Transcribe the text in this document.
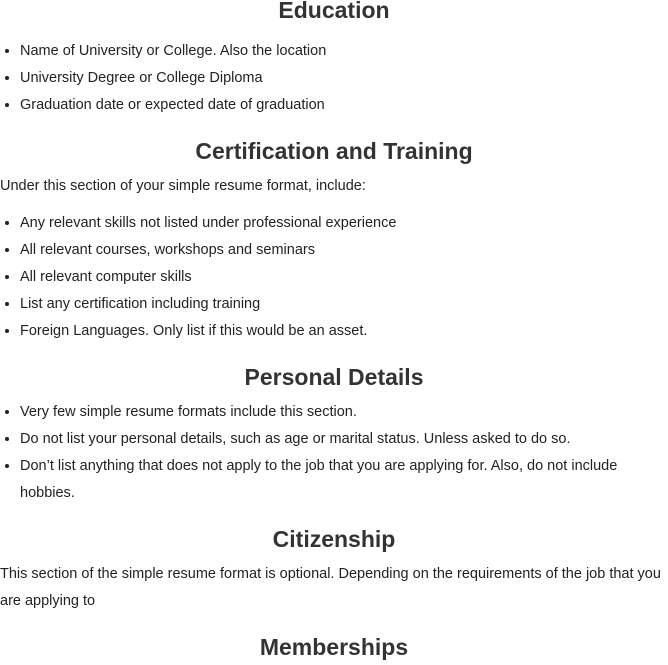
Education
• Name of University or College. Also the location
• University Degree or College Diploma
• Graduation date or expected date of graduation
Certification and Training

Under this section of your simple resume format, include:

• Any relevant skills not listed under professional experience
• All relevant courses, workshops and seminars
• All relevant computer skills
• List any certification including training
• Foreign Languages. Only list if this would be an asset.
Personal Details
• Very few simple resume formats include this section.
• Do not list your personal details, such as age or marital status. Unless asked to do so.
• Don’t list anything that does not apply to the job that you are applying for. Also, do not include hobbies.
Citizenship

This section of the simple resume format is optional. Depending on the requirements of the job that you are applying to

Memberships
